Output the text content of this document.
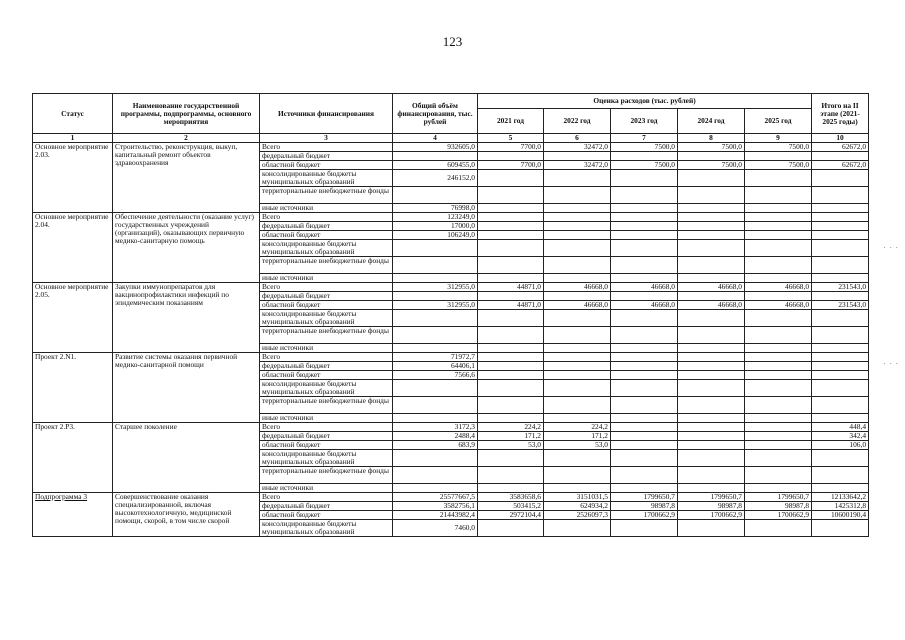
123
Статус	Наименование государственной программы, подпрограммы, основного мероприятия	Источники финансирования	Общий объём финансирования, тыс. рублей	Оценка расходов (тыс. рублей)					Итого на II этапе (2021-2025 годы)
				2021 год	2022 год	2023 год	2024 год	2025 год	
1	2	3	4	5	6	7	8	9	10
Основное мероприятие 2.03.	Строительство, реконструкция, выкуп, капитальный ремонт объектов здравоохранения	Всего	932605,0	7700,0	32472,0	7500,0	7500,0	7500,0	62672,0
		федеральный бюджет							
		областной бюджет	609455,0	7700,0	32472,0	7500,0	7500,0	7500,0	62672,0
		консолидированные бюджеты муниципальных образований	246152,0						
		территориальные внебюджетные фонды							
		иные источники	76998,0						
Основное мероприятие 2.04.	Обеспечение деятельности (оказание услуг) государственных учреждений (организаций), оказывающих первичную медико-санитарную помощь	Всего	123249,0						
		федеральный бюджет	17000,0						
		областной бюджет	106249,0						
		консолидированные бюджеты муниципальных образований							
		территориальные внебюджетные фонды							
		иные источники							
Основное мероприятие 2.05.	Закупки иммунопрепаратов для вакцинопрофилактики инфекций по эпидемическим показаниям	Всего	312955,0	44871,0	46668,0	46668,0	46668,0	46668,0	231543,0
		федеральный бюджет							
		областной бюджет	312955,0	44871,0	46668,0	46668,0	46668,0	46668,0	231543,0
		консолидированные бюджеты муниципальных образований							
		территориальные внебюджетные фонды							
		иные источники							
Проект 2.N1.	Развитие системы оказания первичной медико-санитарной помощи	Всего	71972,7						
		федеральный бюджет	64406,1						
		областной бюджет	7566,6						
		консолидированные бюджеты муниципальных образований							
		территориальные внебюджетные фонды							
		иные источники							
Проект 2.Р3.	Старшее поколение	Всего	3172,3	224,2	224,2				448,4
		федеральный бюджет	2488,4	171,2	171,2				342,4
		областной бюджет	683,9	53,0	53,0				106,0
		консолидированные бюджеты муниципальных образований							
		территориальные внебюджетные фонды							
		иные источники							
Подпрограмма 3	Совершенствование оказания специализированной, включая высокотехнологичную, медицинской помощи, скорой, в том числе скорой	Всего	25577667,5	3583658,6	3151031,5	1799650,7	1799650,7	1799650,7	12133642,2
		федеральный бюджет	3582756,1	503415,2	624934,2	98987,8	98987,8	98987,8	1425312,8
		областной бюджет	21443982,4	2972104,4	2526097,3	1700662,9	1700662,9	1700662,9	10600190,4
		консолидированные бюджеты муниципальных образований	7460,0						
· · ·
· · ·
